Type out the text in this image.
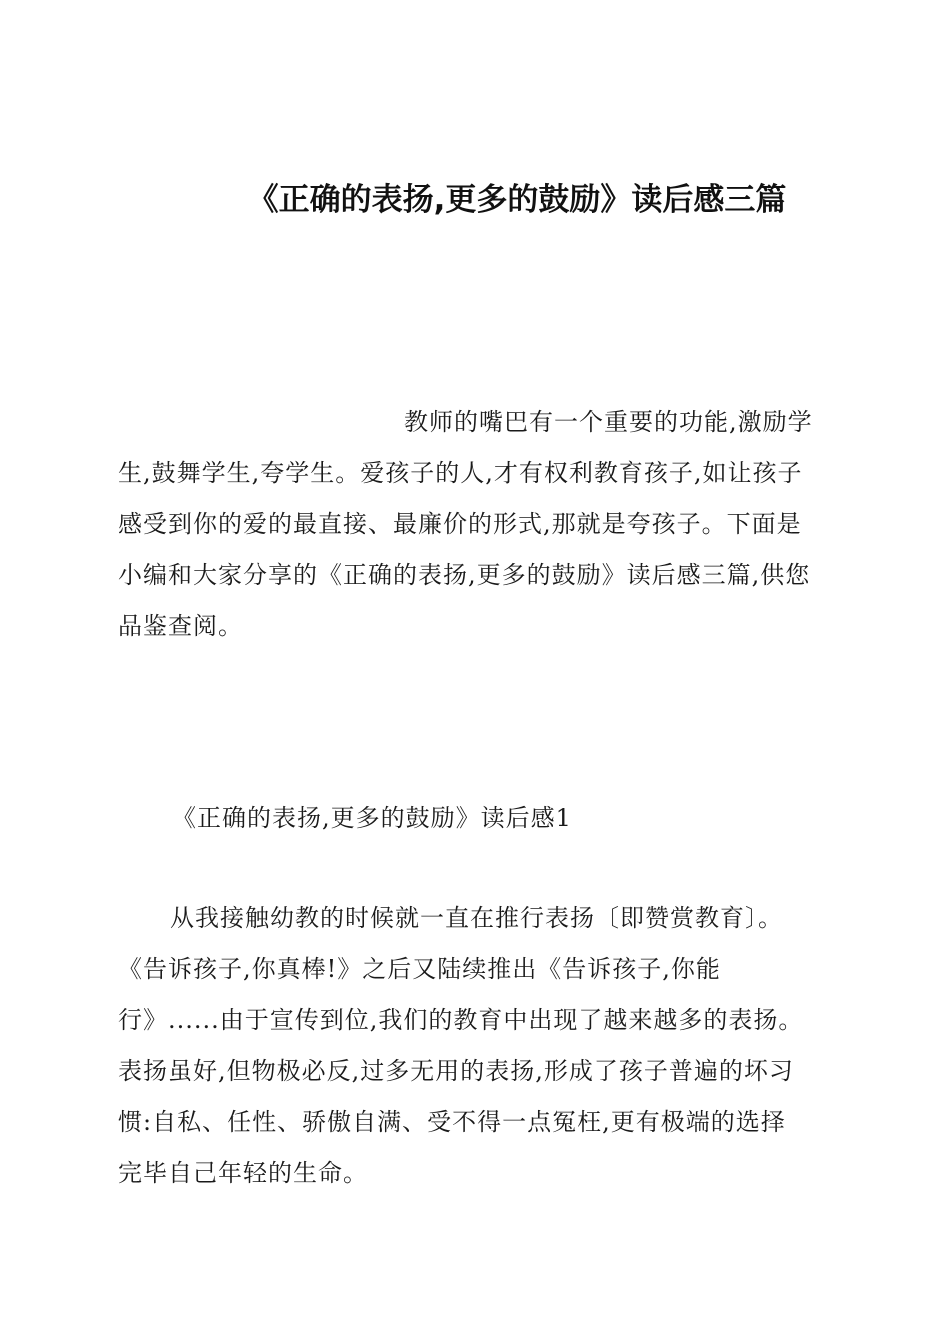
《正确的表扬,更多的鼓励》读后感三篇
教师的嘴巴有一个重要的功能,激励学
生,鼓舞学生,夸学生。爱孩子的人,才有权利教育孩子,如让孩子
感受到你的爱的最直接、最廉价的形式,那就是夸孩子。下面是
小编和大家分享的《正确的表扬,更多的鼓励》读后感三篇,供您
品鉴查阅。
《正确的表扬,更多的鼓励》读后感1
从我接触幼教的时候就一直在推行表扬〔即赞赏教育〕。
《告诉孩子,你真棒!》之后又陆续推出《告诉孩子,你能
行》......由于宣传到位,我们的教育中出现了越来越多的表扬。
表扬虽好,但物极必反,过多无用的表扬,形成了孩子普遍的坏习
惯:自私、任性、骄傲自满、受不得一点冤枉,更有极端的选择
完毕自己年轻的生命。
